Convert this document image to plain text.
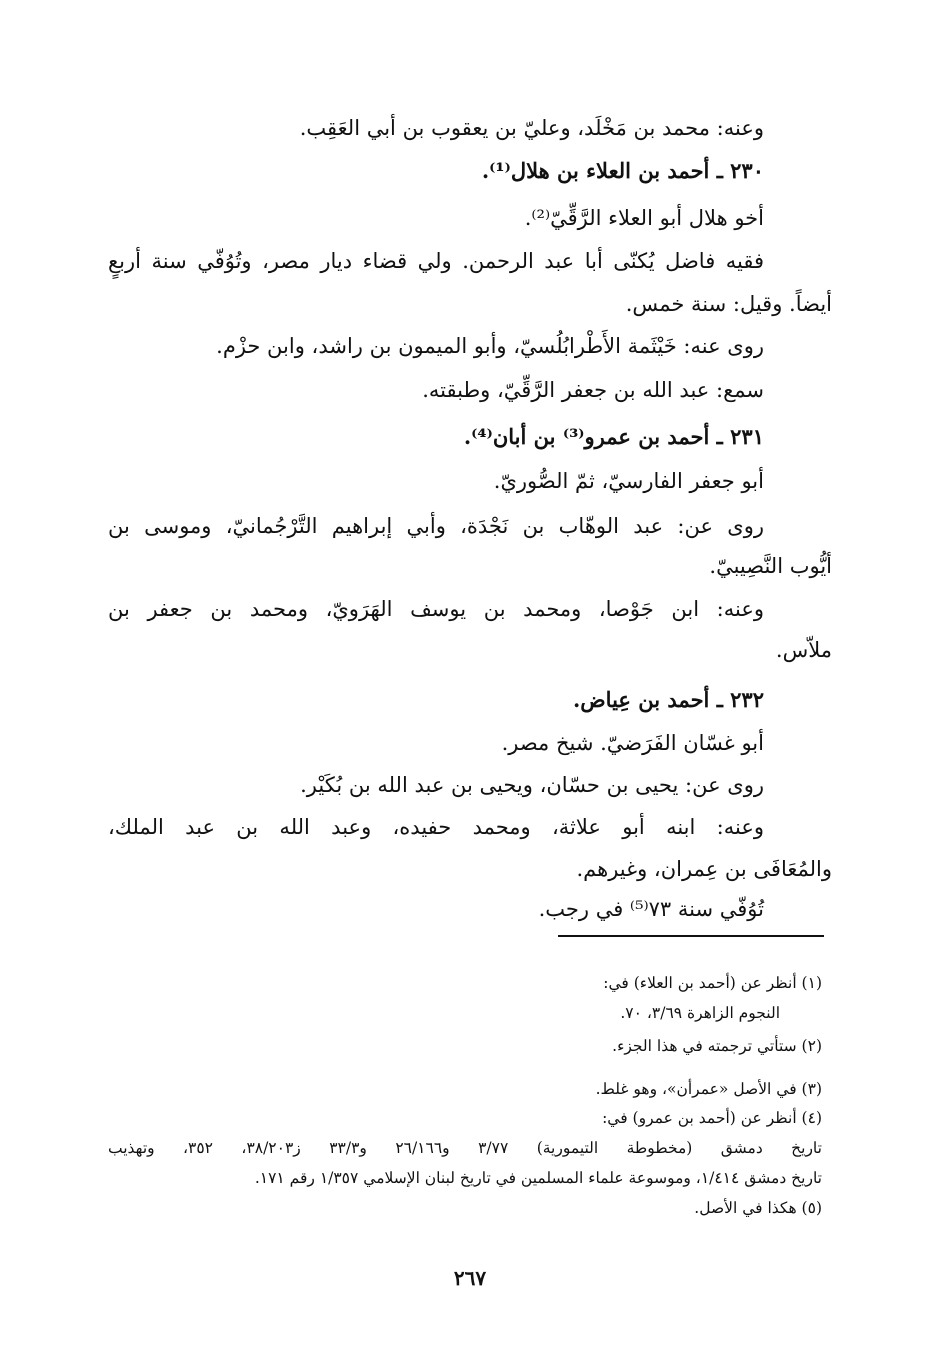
وعنه: محمد بن مَخْلَد، وعليّ بن يعقوب بن أبي العَقِب.
٢٣٠ ـ أحمد بن العلاء بن هلال⁽¹⁾.
أخو هلال أبو العلاء الرَّقِّيّ⁽²⁾.
فقيه فاضل يُكنّى أبا عبد الرحمن. ولي قضاء ديار مصر، وتُوُفّي سنة أربعٍ
أيضاً. وقيل: سنة خمس.
روى عنه: خَيْثَمة الأَطْرابُلُسيّ، وأبو الميمون بن راشد، وابن حزْم.
سمع: عبد الله بن جعفر الرَّقِّيّ، وطبقته.
٢٣١ ـ أحمد بن عمرو⁽³⁾ بن أبان⁽⁴⁾.
أبو جعفر الفارسيّ، ثمّ الصُّوريّ.
روى عن: عبد الوهّاب بن نَجْدَة، وأبي إبراهيم التَّرْجُمانيّ، وموسى بن
أيُّوب النَّصِيبيّ.
وعنه: ابن جَوْصا، ومحمد بن يوسف الهَرَويّ، ومحمد بن جعفر بن
ملاّس.
٢٣٢ ـ أحمد بن عِياض.
أبو غسّان الفَرَضيّ. شيخ مصر.
روى عن: يحيى بن حسّان، ويحيى بن عبد الله بن بُكَيْر.
وعنه: ابنه أبو علاثة، ومحمد حفيده، وعبد الله بن عبد الملك،
والمُعَافَى بن عِمران، وغيرهم.
تُوُفّي سنة ٧٣⁽⁵⁾ في رجب.
(١) أنظر عن (أحمد بن العلاء) في:
النجوم الزاهرة ٣/٦٩، ٧٠.
(٢) ستأتي ترجمته في هذا الجزء.
(٣) في الأصل «عمرأن»، وهو غلط.
(٤) أنظر عن (أحمد بن عمرو) في:
تاريخ دمشق (مخطوطة التيمورية) ٣/٧٧ و٢٦/١٦٦ و٣٣/٣ ز٣٨/٢٠٣، ٣٥٢، وتهذيب
تاريخ دمشق ١/٤١٤، وموسوعة علماء المسلمين في تاريخ لبنان الإسلامي ١/٣٥٧ رقم ١٧١.
(٥) هكذا في الأصل.
٢٦٧
